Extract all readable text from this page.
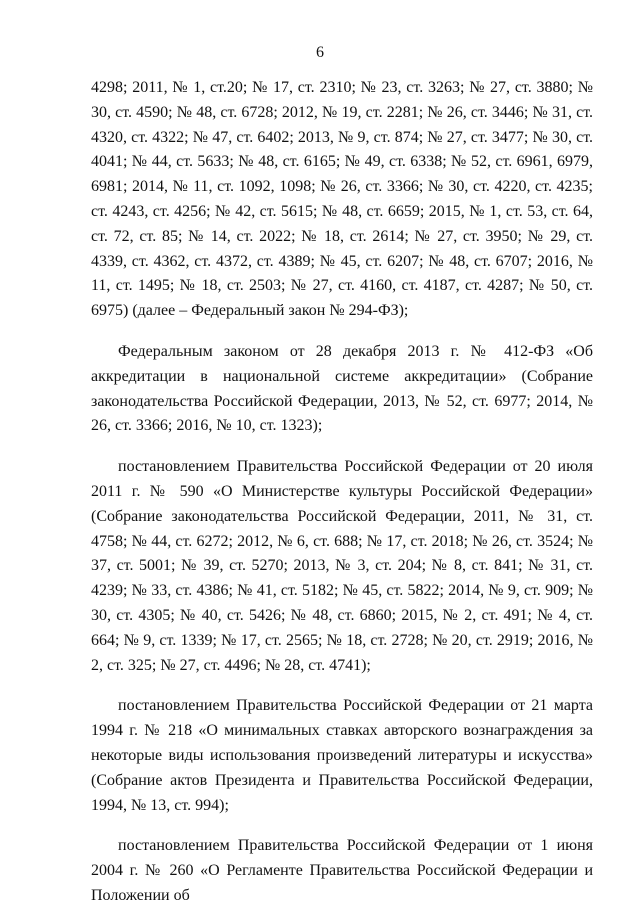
6

4298; 2011, № 1, ст.20; № 17, ст. 2310; № 23, ст. 3263; № 27, ст. 3880; № 30, ст. 4590; № 48, ст. 6728; 2012, № 19, ст. 2281; № 26, ст. 3446; № 31, ст. 4320, ст. 4322; № 47, ст. 6402; 2013, № 9, ст. 874; № 27, ст. 3477; № 30, ст. 4041; № 44, ст. 5633; № 48, ст. 6165; № 49, ст. 6338; № 52, ст. 6961, 6979, 6981; 2014, № 11, ст. 1092, 1098; № 26, ст. 3366; № 30, ст. 4220, ст. 4235; ст. 4243, ст. 4256; № 42, ст. 5615; № 48, ст. 6659; 2015, № 1, ст. 53, ст. 64, ст. 72, ст. 85; № 14, ст. 2022; № 18, ст. 2614; № 27, ст. 3950; № 29, ст. 4339, ст. 4362, ст. 4372, ст. 4389; № 45, ст. 6207; № 48, ст. 6707; 2016, № 11, ст. 1495; № 18, ст. 2503; № 27, ст. 4160, ст. 4187, ст. 4287; № 50, ст. 6975) (далее – Федеральный закон № 294-ФЗ);

Федеральным законом от 28 декабря 2013 г. № 412-ФЗ «Об аккредитации в национальной системе аккредитации» (Собрание законодательства Российской Федерации, 2013, № 52, ст. 6977; 2014, № 26, ст. 3366; 2016, № 10, ст. 1323);

постановлением Правительства Российской Федерации от 20 июля 2011 г. № 590 «О Министерстве культуры Российской Федерации» (Собрание законодательства Российской Федерации, 2011, № 31, ст. 4758; № 44, ст. 6272; 2012, № 6, ст. 688; № 17, ст. 2018; № 26, ст. 3524; № 37, ст. 5001; № 39, ст. 5270; 2013, № 3, ст. 204; № 8, ст. 841; № 31, ст. 4239; № 33, ст. 4386; № 41, ст. 5182; № 45, ст. 5822; 2014, № 9, ст. 909; № 30, ст. 4305; № 40, ст. 5426; № 48, ст. 6860; 2015, № 2, ст. 491; № 4, ст. 664; № 9, ст. 1339; № 17, ст. 2565; № 18, ст. 2728; № 20, ст. 2919; 2016, № 2, ст. 325; № 27, ст. 4496; № 28, ст. 4741);

постановлением Правительства Российской Федерации от 21 марта 1994 г. № 218 «О минимальных ставках авторского вознаграждения за некоторые виды использования произведений литературы и искусства» (Собрание актов Президента и Правительства Российской Федерации, 1994, № 13, ст. 994);

постановлением Правительства Российской Федерации от 1 июня 2004 г. № 260 «О Регламенте Правительства Российской Федерации и Положении об
